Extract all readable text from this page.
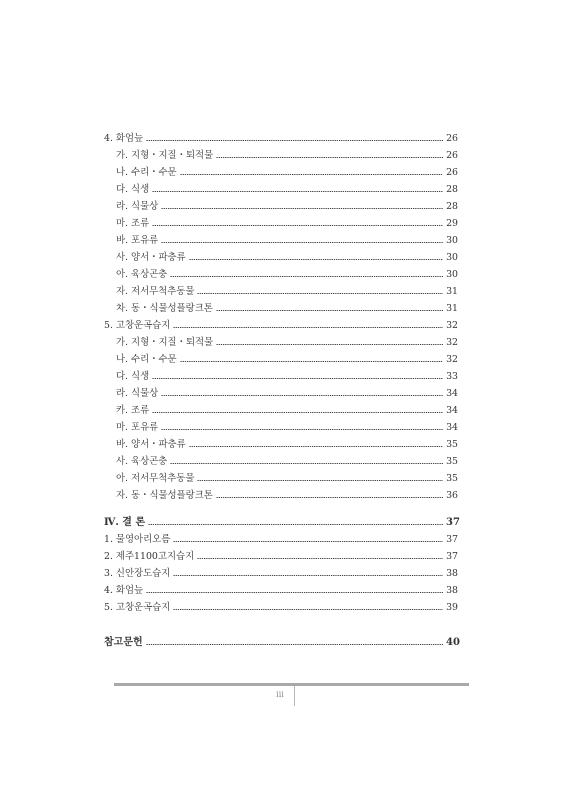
4. 화엄늪	26
가. 지형・지질・퇴적물	26
나. 수리・수문	26
다. 식생	28
라. 식물상	28
마. 조류	29
바. 포유류	30
사. 양서・파충류	30
아. 육상곤충	30
자. 저서무척추동물	31
차. 동・식물성플랑크톤	31
5. 고창운곡습지	32
가. 지형・지질・퇴적물	32
나. 수리・수문	32
다. 식생	33
라. 식물상	34
카. 조류	34
마. 포유류	34
바. 양서・파충류	35
사. 육상곤충	35
아. 저서무척추동물	35
자. 동・식물성플랑크톤	36
Ⅳ. 결 론	37
1. 물영아리오름	37
2. 제주1100고지습지	37
3. 신안장도습지	38
4. 화엄늪	38
5. 고창운곡습지	39
참고문헌	40
iii
